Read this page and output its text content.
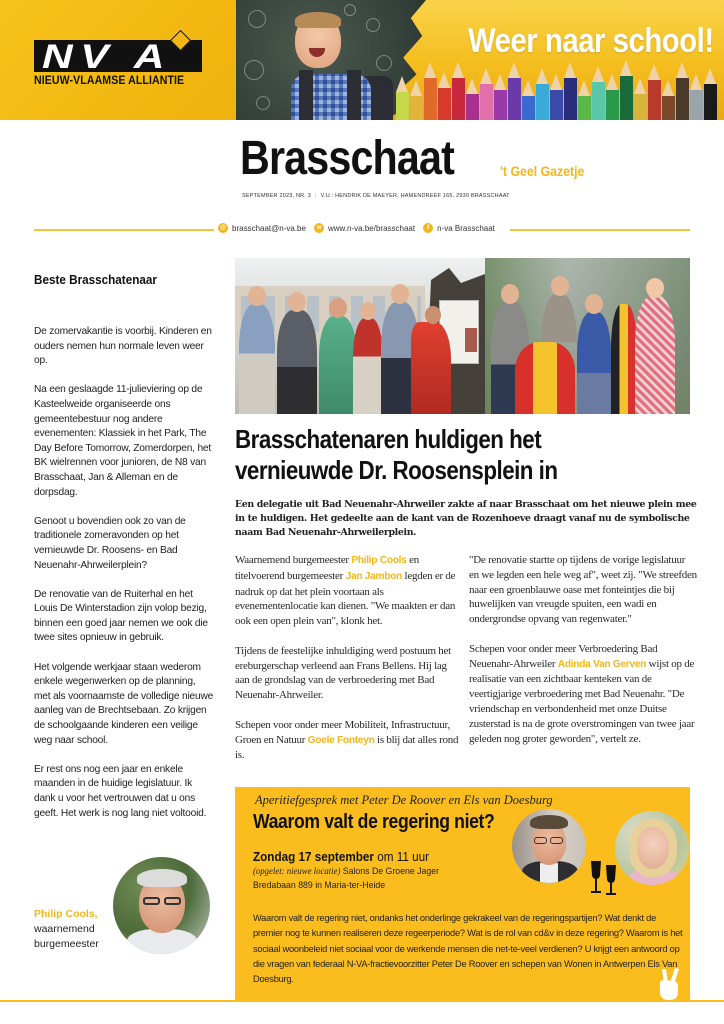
NV A
NIEUW-VLAAMSE ALLIANTIE
Weer naar school!
Brasschaat	't Geel Gazetje
SEPTEMBER 2023, NR. 3 | V.U.: HENDRIK DE MAEYER, HAMENDREEF 165, 2930 BRASSCHAAT
@ brasschaat@n-va.be	w www.n-va.be/brasschaat	f	n-va Brasschaat
Beste Brasschatenaar

De zomervakantie is voorbij. Kinderen en ouders nemen hun normale leven weer op.

Na een geslaagde 11-julieviering op de Kasteelweide organiseerde ons gemeentebestuur nog andere evenementen: Klassiek in het Park, The Day Before Tomorrow, Zomerdorpen, het BK wielrennen voor junioren, de N8 van Brasschaat, Jan & Alleman en de dorpsdag.

Genoot u bovendien ook zo van de traditionele zomeravonden op het vernieuwde Dr. Roosens- en Bad Neuenahr-Ahrweilerplein?

De renovatie van de Ruiterhal en het Louis De Winterstadion zijn volop bezig, binnen een goed jaar nemen we ook die twee sites opnieuw in gebruik.

Het volgende werkjaar staan wederom enkele wegenwerken op de planning, met als voornaamste de volledige nieuwe aanleg van de Brechtsebaan. Zo krijgen de schoolgaande kinderen een veilige weg naar school.

Er rest ons nog een jaar en enkele maanden in de huidige legislatuur. Ik dank u voor het vertrouwen dat u ons geeft. Het werk is nog lang niet voltooid.

Philip Cools,
waarnemend burgemeester
Brasschatenaren huldigen het vernieuwde Dr. Roosensplein in
Een delegatie uit Bad Neuenahr-Ahrweiler zakte af naar Brasschaat om het nieuwe plein mee in te huldigen. Het gedeelte aan de kant van de Rozenhoeve draagt vanaf nu de symbolische naam Bad Neuenahr-Ahrweilerplein.

Waarnemend burgemeester Philip Cools en titelvoerend burgemeester Jan Jambon legden er de nadruk op dat het plein voortaan als evenementenlocatie kan dienen. "We maakten er dan ook een open plein van", klonk het.

Tijdens de feestelijke inhuldiging werd postuum het ereburgerschap verleend aan Frans Bellens. Hij lag aan de grondslag van de verbroedering met Bad Neuenahr-Ahrweiler.

Schepen voor onder meer Mobiliteit, Infrastructuur, Groen en Natuur Goele Fonteyn is blij dat alles rond is.

"De renovatie startte op tijdens de vorige legislatuur en we legden een hele weg af", weet zij. "We streefden naar een groenblauwe oase met fonteintjes die bij huwelijken van vreugde spuiten, een wadi en ondergrondse opvang van regenwater."

Schepen voor onder meer Verbroedering Bad Neuenahr-Ahrweiler Adinda Van Gerven wijst op de realisatie van een zichtbaar kenteken van de veertigjarige verbroedering met Bad Neuenahr. "De vriendschap en verbondenheid met onze Duitse zusterstad is na de grote overstromingen van twee jaar geleden nog groter geworden", vertelt ze.

Aperitiefgesprek met Peter De Roover en Els van Doesburg
Waarom valt de regering niet?
Zondag 17 september om 11 uur
(opgelet: nieuwe locatie) Salons De Groene Jager
Bredabaan 889 in Maria-ter-Heide
Waarom valt de regering niet, ondanks het onderlinge gekrakeel van de regeringspartijen? Wat denkt de premier nog te kunnen realiseren deze regeerperiode? Wat is de rol van cd&v in deze regering? Waarom is het sociaal woonbeleid niet sociaal voor de werkende mensen die net-te-veel verdienen? U krijgt een antwoord op die vragen van federaal N-VA-fractievoorzitter Peter De Roover en schepen van Wonen in Antwerpen Els Van Doesburg.
